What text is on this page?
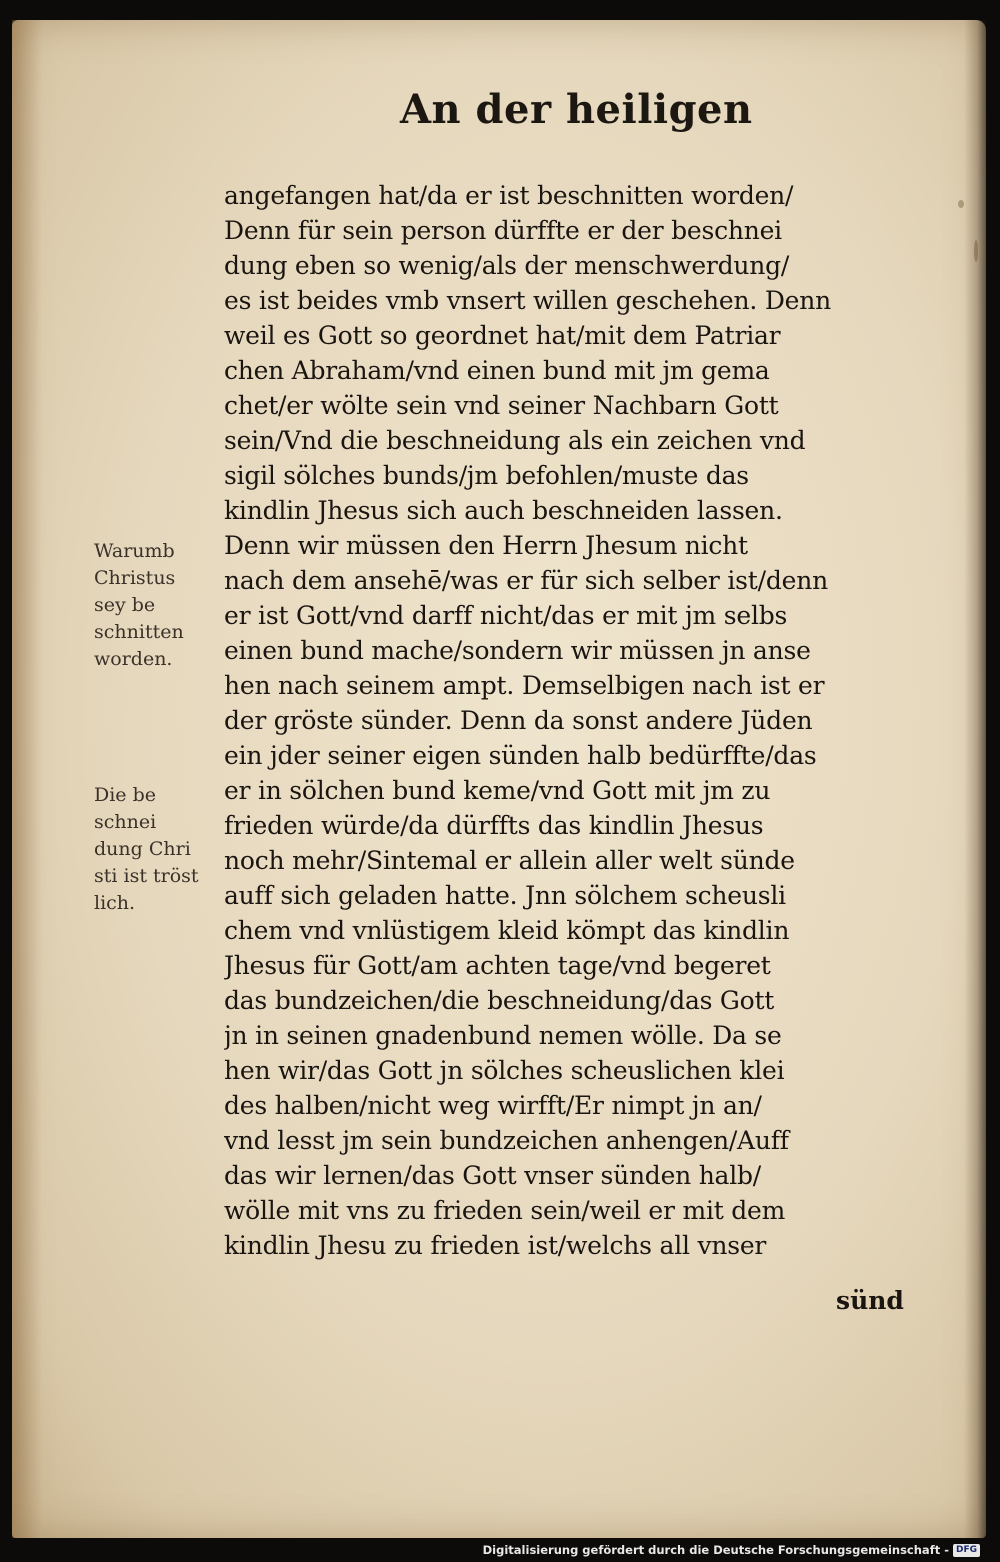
An der heiligen
angefangen hat/da er ist beschnitten worden/
Denn für sein person dürffte er der beschnei
dung eben so wenig/als der menschwerdung/
es ist beides vmb vnsert willen geschehen. Denn
weil es Gott so geordnet hat/mit dem Patriar
chen Abraham/vnd einen bund mit jm gema
chet/er wölte sein vnd seiner Nachbarn Gott
sein/Vnd die beschneidung als ein zeichen vnd
sigil sölches bunds/jm befohlen/muste das
kindlin Jhesus sich auch beschneiden lassen.
Denn wir müssen den Herrn Jhesum nicht
nach dem ansehē/was er für sich selber ist/denn
er ist Gott/vnd darff nicht/das er mit jm selbs
einen bund mache/sondern wir müssen jn anse
hen nach seinem ampt. Demselbigen nach ist er
der gröste sünder. Denn da sonst andere Jüden
ein jder seiner eigen sünden halb bedürffte/das
er in sölchen bund keme/vnd Gott mit jm zu
frieden würde/da dürffts das kindlin Jhesus
noch mehr/Sintemal er allein aller welt sünde
auff sich geladen hatte. Jnn sölchem scheusli
chem vnd vnlüstigem kleid kömpt das kindlin
Jhesus für Gott/am achten tage/vnd begeret
das bundzeichen/die beschneidung/das Gott
jn in seinen gnadenbund nemen wölle. Da se
hen wir/das Gott jn sölches scheuslichen klei
des halben/nicht weg wirfft/Er nimpt jn an/
vnd lesst jm sein bundzeichen anhengen/Auff
das wir lernen/das Gott vnser sünden halb/
wölle mit vns zu frieden sein/weil er mit dem
kindlin Jhesu zu frieden ist/welchs all vnser
sünd
Warumb
Christus
sey be
schnitten
worden.
Die be
schnei
dung Chri
sti ist tröst
lich.
Digitalisierung gefördert durch die Deutsche Forschungsgemeinschaft - DFG
